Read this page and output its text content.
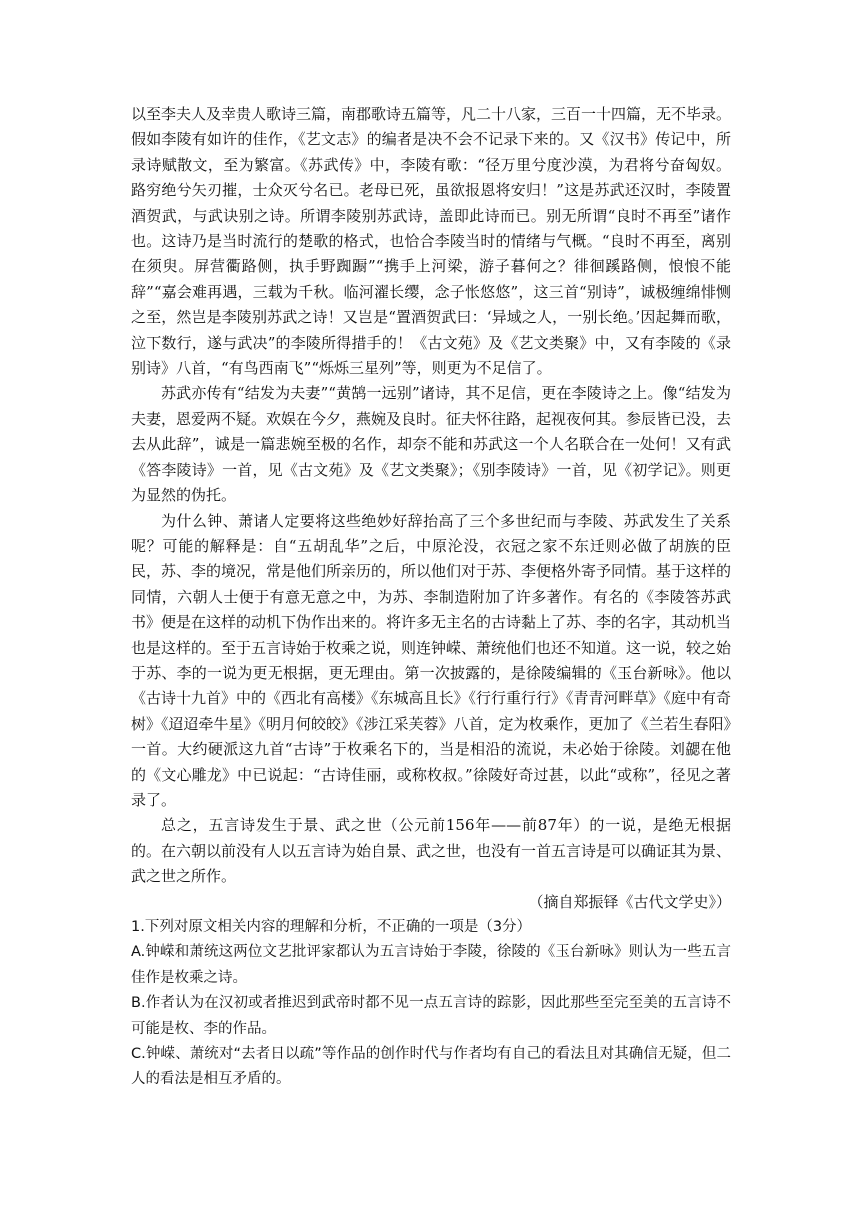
以至李夫人及幸贵人歌诗三篇，南郡歌诗五篇等，凡二十八家，三百一十四篇，无不毕录。假如李陵有如许的佳作，《艺文志》的编者是决不会不记录下来的。又《汉书》传记中，所录诗赋散文，至为繁富。《苏武传》中，李陵有歌：“径万里兮度沙漠，为君将兮奋匈奴。路穷绝兮矢刃摧，士众灭兮名已。老母已死，虽欲报恩将安归！”这是苏武还汉时，李陵置酒贺武，与武诀别之诗。所谓李陵别苏武诗，盖即此诗而已。别无所谓“良时不再至”诸作也。这诗乃是当时流行的楚歌的格式，也恰合李陵当时的情绪与气概。“良时不再至，离别在须臾。屏营衢路侧，执手野踟蹰”“携手上河梁，游子暮何之？徘徊蹊路侧，悢悢不能辞”“嘉会难再遇，三载为千秋。临河濯长缨，念子怅悠悠”，这三首“别诗”，诚极缠绵悱恻之至，然岂是李陵别苏武之诗！又岂是“置酒贺武曰：‘异域之人，一别长绝。’因起舞而歌，泣下数行，遂与武决”的李陵所得措手的！《古文苑》及《艺文类聚》中，又有李陵的《录别诗》八首，“有鸟西南飞”“烁烁三星列”等，则更为不足信了。

苏武亦传有“结发为夫妻”“黄鹄一远别”诸诗，其不足信，更在李陵诗之上。像“结发为夫妻，恩爱两不疑。欢娱在今夕，燕婉及良时。征夫怀往路，起视夜何其。参辰皆已没，去去从此辞”，诚是一篇悲婉至极的名作，却奈不能和苏武这一个人名联合在一处何！又有武《答李陵诗》一首，见《古文苑》及《艺文类聚》；《别李陵诗》一首，见《初学记》。则更为显然的伪托。

为什么钟、萧诸人定要将这些绝妙好辞抬高了三个多世纪而与李陵、苏武发生了关系呢？可能的解释是：自“五胡乱华”之后，中原沦没，衣冠之家不东迁则必做了胡族的臣民，苏、李的境况，常是他们所亲历的，所以他们对于苏、李便格外寄予同情。基于这样的同情，六朝人士便于有意无意之中，为苏、李制造附加了许多著作。有名的《李陵答苏武书》便是在这样的动机下伪作出来的。将许多无主名的古诗黏上了苏、李的名字，其动机当也是这样的。至于五言诗始于枚乘之说，则连钟嵘、萧统他们也还不知道。这一说，较之始于苏、李的一说为更无根据，更无理由。第一次披露的，是徐陵编辑的《玉台新咏》。他以《古诗十九首》中的《西北有高楼》《东城高且长》《行行重行行》《青青河畔草》《庭中有奇树》《迢迢牵牛星》《明月何皎皎》《涉江采芙蓉》八首，定为枚乘作，更加了《兰若生春阳》一首。大约硬派这九首“古诗”于枚乘名下的，当是相沿的流说，未必始于徐陵。刘勰在他的《文心雕龙》中已说起：“古诗佳丽，或称枚叔。”徐陵好奇过甚，以此“或称”，径见之著录了。

总之，五言诗发生于景、武之世（公元前156年——前87年）的一说，是绝无根据的。在六朝以前没有人以五言诗为始自景、武之世，也没有一首五言诗是可以确证其为景、武之世之所作。

（摘自郑振铎《古代文学史》）

1.下列对原文相关内容的理解和分析，不正确的一项是（3分）

A.钟嵘和萧统这两位文艺批评家都认为五言诗始于李陵，徐陵的《玉台新咏》则认为一些五言佳作是枚乘之诗。

B.作者认为在汉初或者推迟到武帝时都不见一点五言诗的踪影，因此那些至完至美的五言诗不可能是枚、李的作品。

C.钟嵘、萧统对“去者日以疏”等作品的创作时代与作者均有自己的看法且对其确信无疑，但二人的看法是相互矛盾的。
